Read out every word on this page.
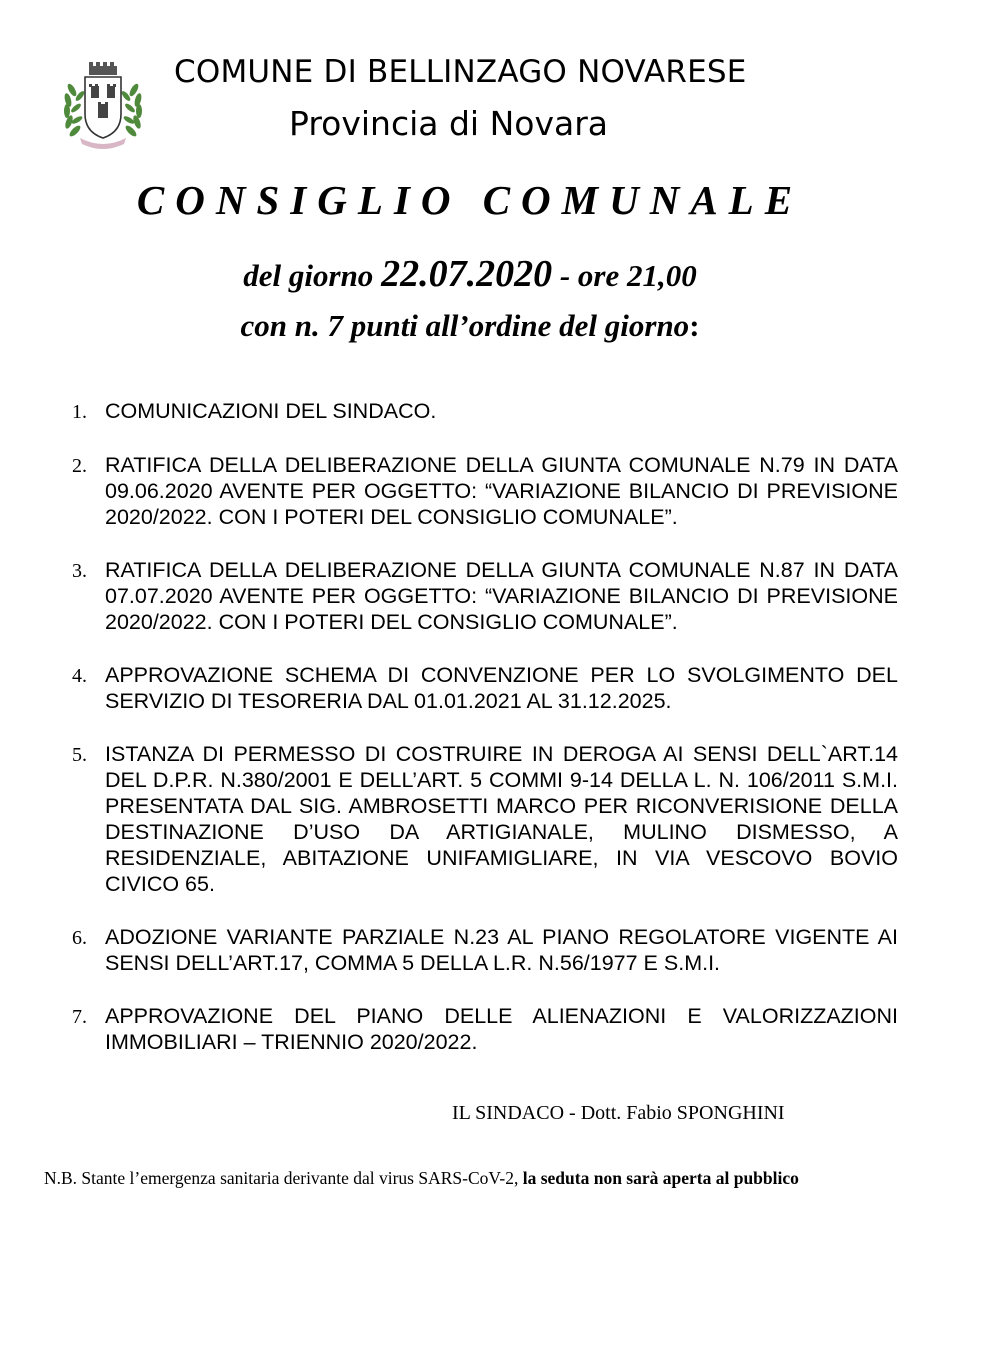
COMUNE DI BELLINZAGO NOVARESE
Provincia di Novara
CONSIGLIO COMUNALE
del giorno 22.07.2020 - ore 21,00
con n. 7 punti all’ordine del giorno:
1. COMUNICAZIONI DEL SINDACO.
2. RATIFICA DELLA DELIBERAZIONE DELLA GIUNTA COMUNALE N.79 IN DATA 09.06.2020 AVENTE PER OGGETTO: “VARIAZIONE BILANCIO DI PREVISIONE 2020/2022. CON I POTERI DEL CONSIGLIO COMUNALE”.
3. RATIFICA DELLA DELIBERAZIONE DELLA GIUNTA COMUNALE N.87 IN DATA 07.07.2020 AVENTE PER OGGETTO: “VARIAZIONE BILANCIO DI PREVISIONE 2020/2022. CON I POTERI DEL CONSIGLIO COMUNALE”.
4. APPROVAZIONE SCHEMA DI CONVENZIONE PER LO SVOLGIMENTO DEL SERVIZIO DI TESORERIA DAL 01.01.2021 AL 31.12.2025.
5. ISTANZA DI PERMESSO DI COSTRUIRE IN DEROGA AI SENSI DELL`ART.14 DEL D.P.R. N.380/2001 E DELL’ART. 5 COMMI 9-14 DELLA L. N. 106/2011 S.M.I. PRESENTATA DAL SIG. AMBROSETTI MARCO PER RICONVERISIONE DELLA DESTINAZIONE D’USO DA ARTIGIANALE, MULINO DISMESSO, A RESIDENZIALE, ABITAZIONE UNIFAMIGLIARE, IN VIA VESCOVO BOVIO CIVICO 65.
6. ADOZIONE VARIANTE PARZIALE N.23 AL PIANO REGOLATORE VIGENTE AI SENSI DELL’ART.17, COMMA 5 DELLA L.R. N.56/1977 E S.M.I.
7. APPROVAZIONE DEL PIANO DELLE ALIENAZIONI E VALORIZZAZIONI IMMOBILIARI – TRIENNIO 2020/2022.
IL SINDACO - Dott. Fabio SPONGHINI
N.B. Stante l’emergenza sanitaria derivante dal virus SARS-CoV-2, la seduta non sarà aperta al pubblico
